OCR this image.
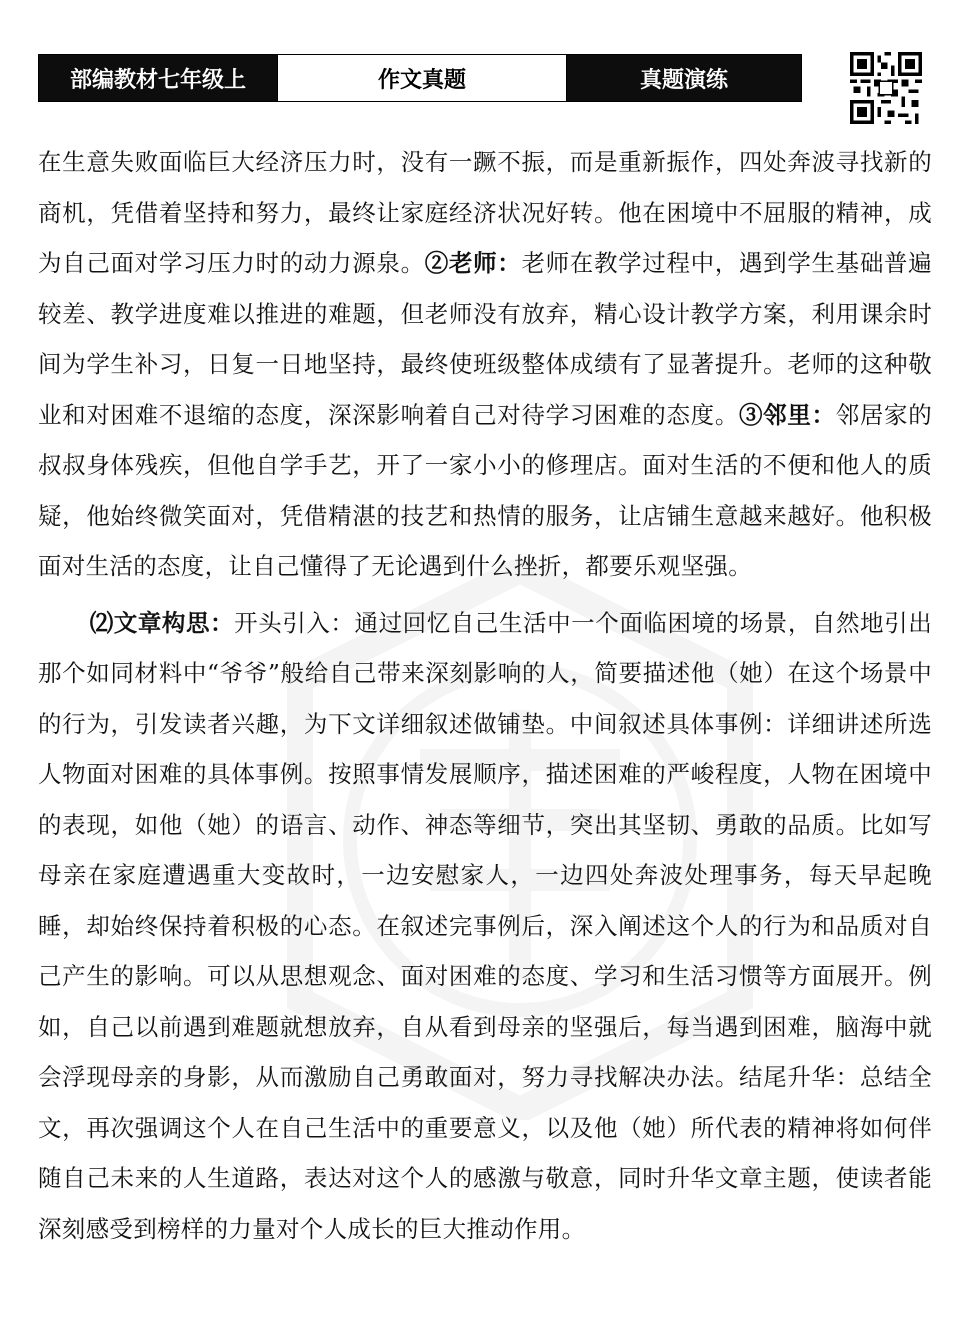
部编教材七年级上	作文真题	真题演练

在生意失败面临巨大经济压力时，没有一蹶不振，而是重新振作，四处奔波寻找新的商机，凭借着坚持和努力，最终让家庭经济状况好转。他在困境中不屈服的精神，成为自己面对学习压力时的动力源泉。②老师：老师在教学过程中，遇到学生基础普遍较差、教学进度难以推进的难题，但老师没有放弃，精心设计教学方案，利用课余时间为学生补习，日复一日地坚持，最终使班级整体成绩有了显著提升。老师的这种敬业和对困难不退缩的态度，深深影响着自己对待学习困难的态度。③邻里：邻居家的叔叔身体残疾，但他自学手艺，开了一家小小的修理店。面对生活的不便和他人的质疑，他始终微笑面对，凭借精湛的技艺和热情的服务，让店铺生意越来越好。他积极面对生活的态度，让自己懂得了无论遇到什么挫折，都要乐观坚强。

⑵文章构思：开头引入：通过回忆自己生活中一个面临困境的场景，自然地引出那个如同材料中“爷爷”般给自己带来深刻影响的人，简要描述他（她）在这个场景中的行为，引发读者兴趣，为下文详细叙述做铺垫。中间叙述具体事例：详细讲述所选人物面对困难的具体事例。按照事情发展顺序，描述困难的严峻程度，人物在困境中的表现，如他（她）的语言、动作、神态等细节，突出其坚韧、勇敢的品质。比如写母亲在家庭遭遇重大变故时，一边安慰家人，一边四处奔波处理事务，每天早起晚睡，却始终保持着积极的心态。在叙述完事例后，深入阐述这个人的行为和品质对自己产生的影响。可以从思想观念、面对困难的态度、学习和生活习惯等方面展开。例如，自己以前遇到难题就想放弃，自从看到母亲的坚强后，每当遇到困难，脑海中就会浮现母亲的身影，从而激励自己勇敢面对，努力寻找解决办法。结尾升华：总结全文，再次强调这个人在自己生活中的重要意义，以及他（她）所代表的精神将如何伴随自己未来的人生道路，表达对这个人的感激与敬意，同时升华文章主题，使读者能深刻感受到榜样的力量对个人成长的巨大推动作用。
